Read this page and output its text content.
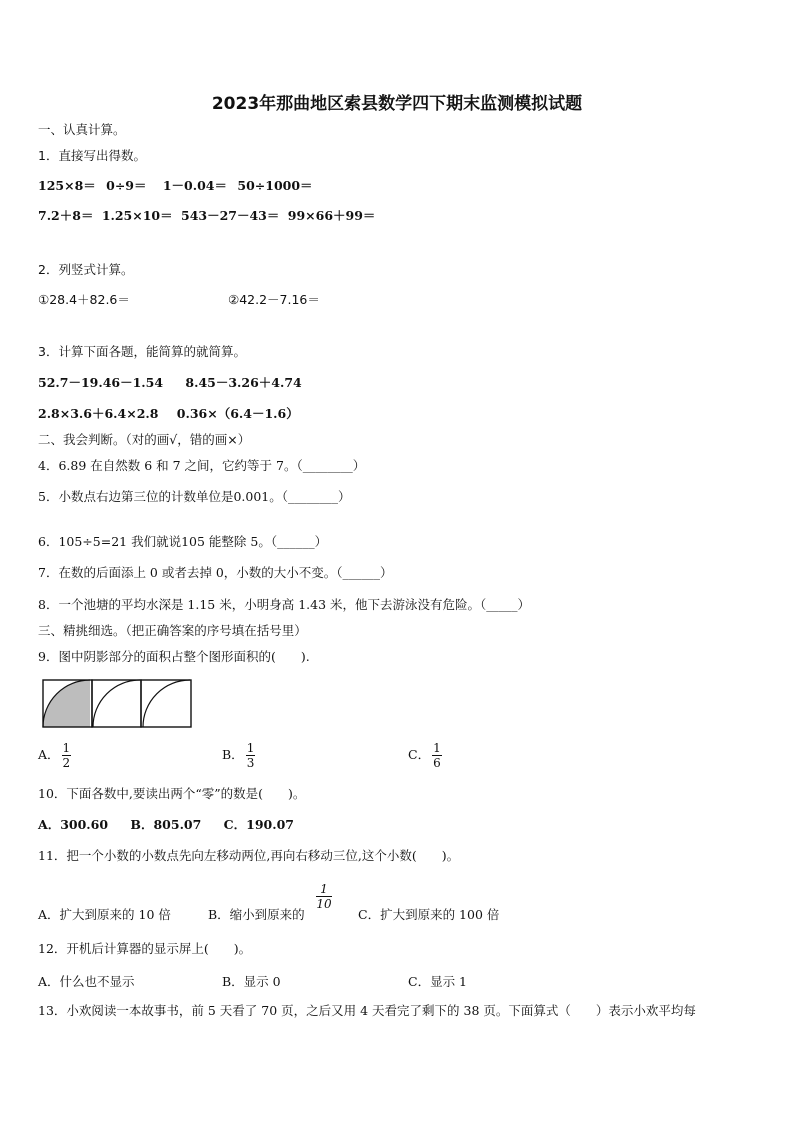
2023年那曲地区索县数学四下期末监测模拟试题
一、认真计算。
1．直接写出得数。
125×8＝ 0÷9＝ 1－0.04＝ 50÷1000＝
7.2＋8＝ 1.25×10＝ 543－27－43＝ 99×66＋99＝
2．列竖式计算。
①28.4＋82.6＝	②42.2－7.16＝
3．计算下面各题，能简算的就简算。
52.7－19.46－1.54 8.45－3.26＋4.74
2.8×3.6＋6.4×2.8 0.36×（6.4－1.6）
二、我会判断。（对的画√，错的画×）
4．6.89 在自然数 6 和 7 之间，它约等于 7。（________）
5．小数点右边第三位的计数单位是0.001。（________）
6．105÷5=21 我们就说105 能整除 5。（______）
7．在数的后面添上 0 或者去掉 0，小数的大小不变。（______）
8．一个池塘的平均水深是 1.15 米，小明身高 1.43 米，他下去游泳没有危险。（_____）
三、精挑细选。（把正确答案的序号填在括号里）
9．图中阴影部分的面积占整个图形面积的(　　).
A． $\frac{1}{2}$	B． $\frac{1}{3}$	C． $\frac{1}{6}$
10．下面各数中,要读出两个“零”的数是(　　)。
A．300.60 B．805.07 C．190.07
11．把一个小数的小数点先向左移动两位,再向右移动三位,这个小数(　　)。
$\frac{1}{10}$
A．扩大到原来的 10 倍	B．缩小到原来的	C．扩大到原来的 100 倍
12．开机后计算器的显示屏上(　　)。
A．什么也不显示	B．显示 0	C．显示 1
13．小欢阅读一本故事书，前 5 天看了 70 页，之后又用 4 天看完了剩下的 38 页。下面算式（　　）表示小欢平均每
